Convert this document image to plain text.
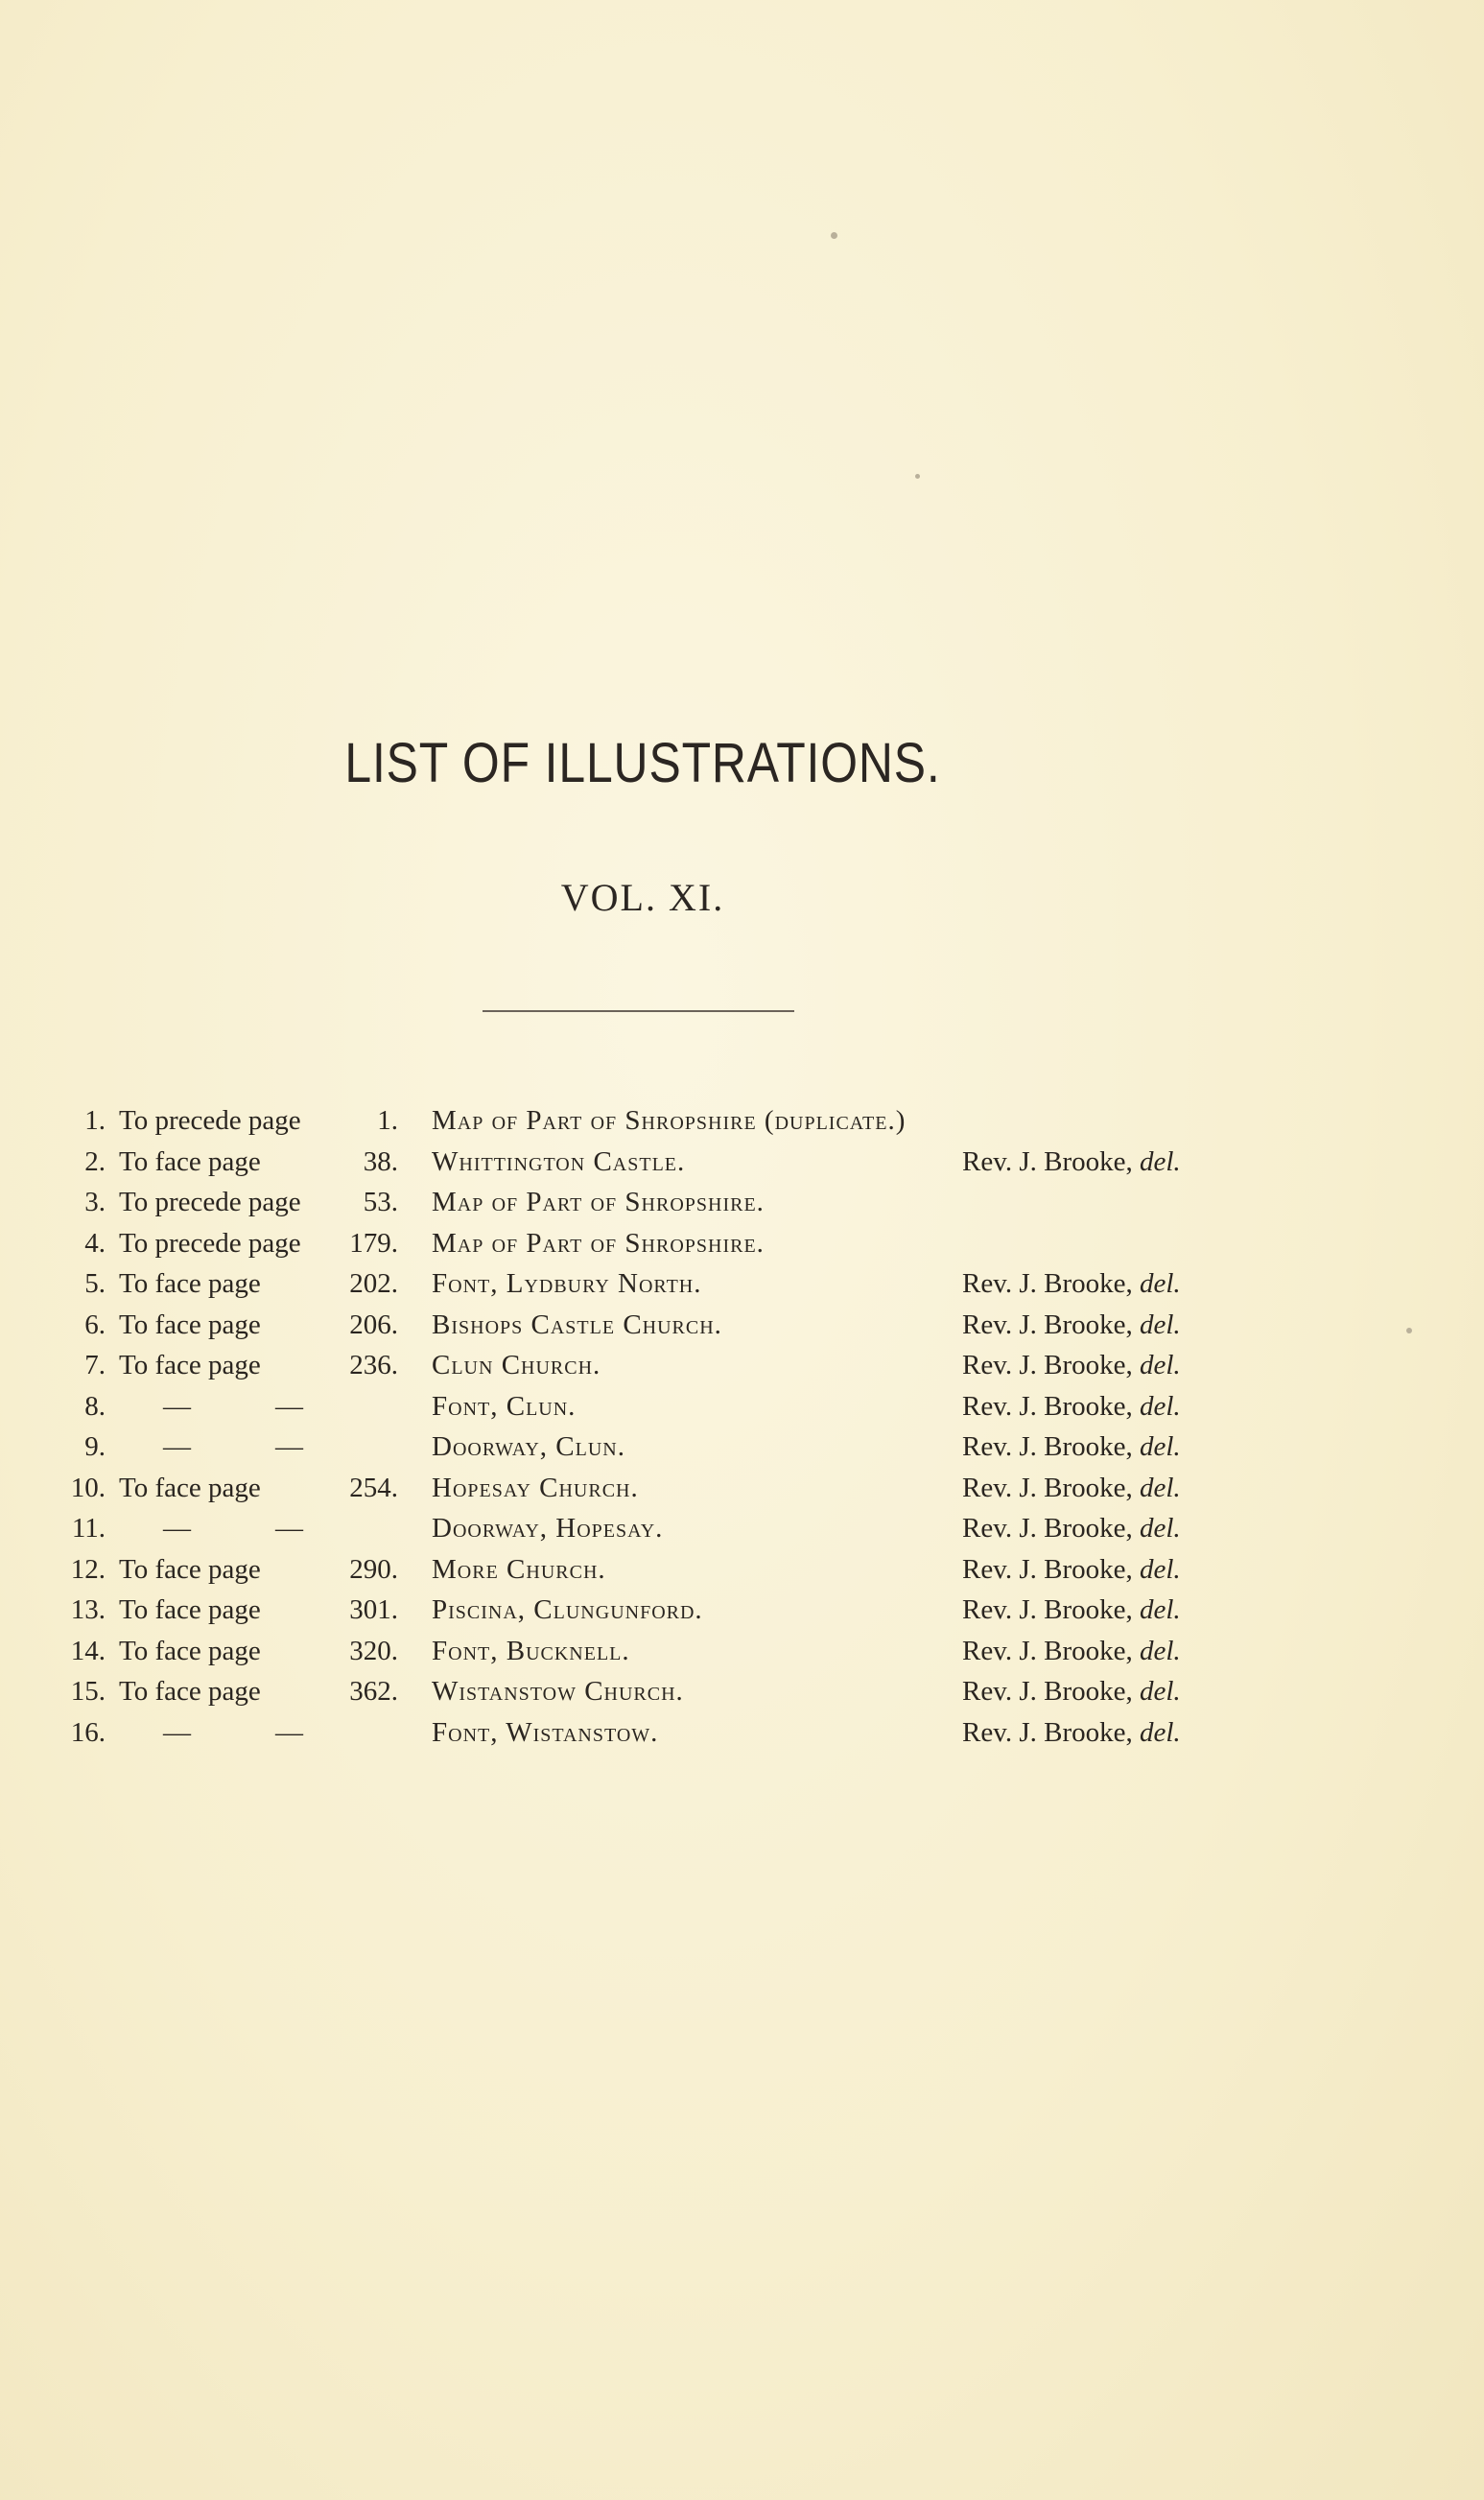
LIST OF ILLUSTRATIONS.
VOL. XI.
1. To precede page	1. Map of Part of Shropshire (duplicate.)
2. To face page	38. Whittington Castle.	Rev. J. Brooke, del.
3. To precede page	53. Map of Part of Shropshire.
4. To precede page	179. Map of Part of Shropshire.
5. To face page	202. Font, Lydbury North.	Rev. J. Brooke, del.
6. To face page	206. Bishops Castle Church.	Rev. J. Brooke, del.
7. To face page	236. Clun Church.	Rev. J. Brooke, del.
8. —	—	Font, Clun.	Rev. J. Brooke, del.
9. —	—	Doorway, Clun.	Rev. J. Brooke, del.
10. To face page	254. Hopesay Church.	Rev. J. Brooke, del.
11. —	—	Doorway, Hopesay.	Rev. J. Brooke, del.
12. To face page	290. More Church.	Rev. J. Brooke, del.
13. To face page	301. Piscina, Clungunford.	Rev. J. Brooke, del.
14. To face page	320. Font, Bucknell.	Rev. J. Brooke, del.
15. To face page	362. Wistanstow Church.	Rev. J. Brooke, del.
16. —	—	Font, Wistanstow.	Rev. J. Brooke, del.
